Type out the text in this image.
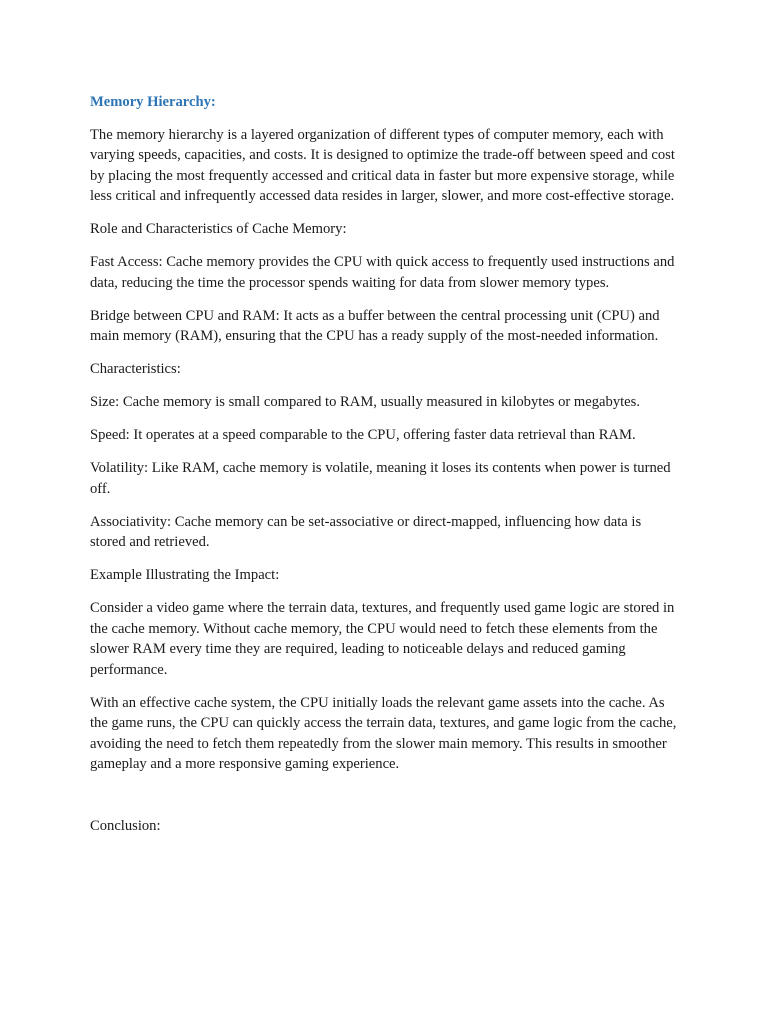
Memory Hierarchy:

The memory hierarchy is a layered organization of different types of computer memory, each with varying speeds, capacities, and costs. It is designed to optimize the trade-off between speed and cost by placing the most frequently accessed and critical data in faster but more expensive storage, while less critical and infrequently accessed data resides in larger, slower, and more cost-effective storage.

Role and Characteristics of Cache Memory:

Fast Access: Cache memory provides the CPU with quick access to frequently used instructions and data, reducing the time the processor spends waiting for data from slower memory types.

Bridge between CPU and RAM: It acts as a buffer between the central processing unit (CPU) and main memory (RAM), ensuring that the CPU has a ready supply of the most-needed information.

Characteristics:

Size: Cache memory is small compared to RAM, usually measured in kilobytes or megabytes.

Speed: It operates at a speed comparable to the CPU, offering faster data retrieval than RAM.

Volatility: Like RAM, cache memory is volatile, meaning it loses its contents when power is turned off.

Associativity: Cache memory can be set-associative or direct-mapped, influencing how data is stored and retrieved.

Example Illustrating the Impact:

Consider a video game where the terrain data, textures, and frequently used game logic are stored in the cache memory. Without cache memory, the CPU would need to fetch these elements from the slower RAM every time they are required, leading to noticeable delays and reduced gaming performance.

With an effective cache system, the CPU initially loads the relevant game assets into the cache. As the game runs, the CPU can quickly access the terrain data, textures, and game logic from the cache, avoiding the need to fetch them repeatedly from the slower main memory. This results in smoother gameplay and a more responsive gaming experience.

Conclusion:
